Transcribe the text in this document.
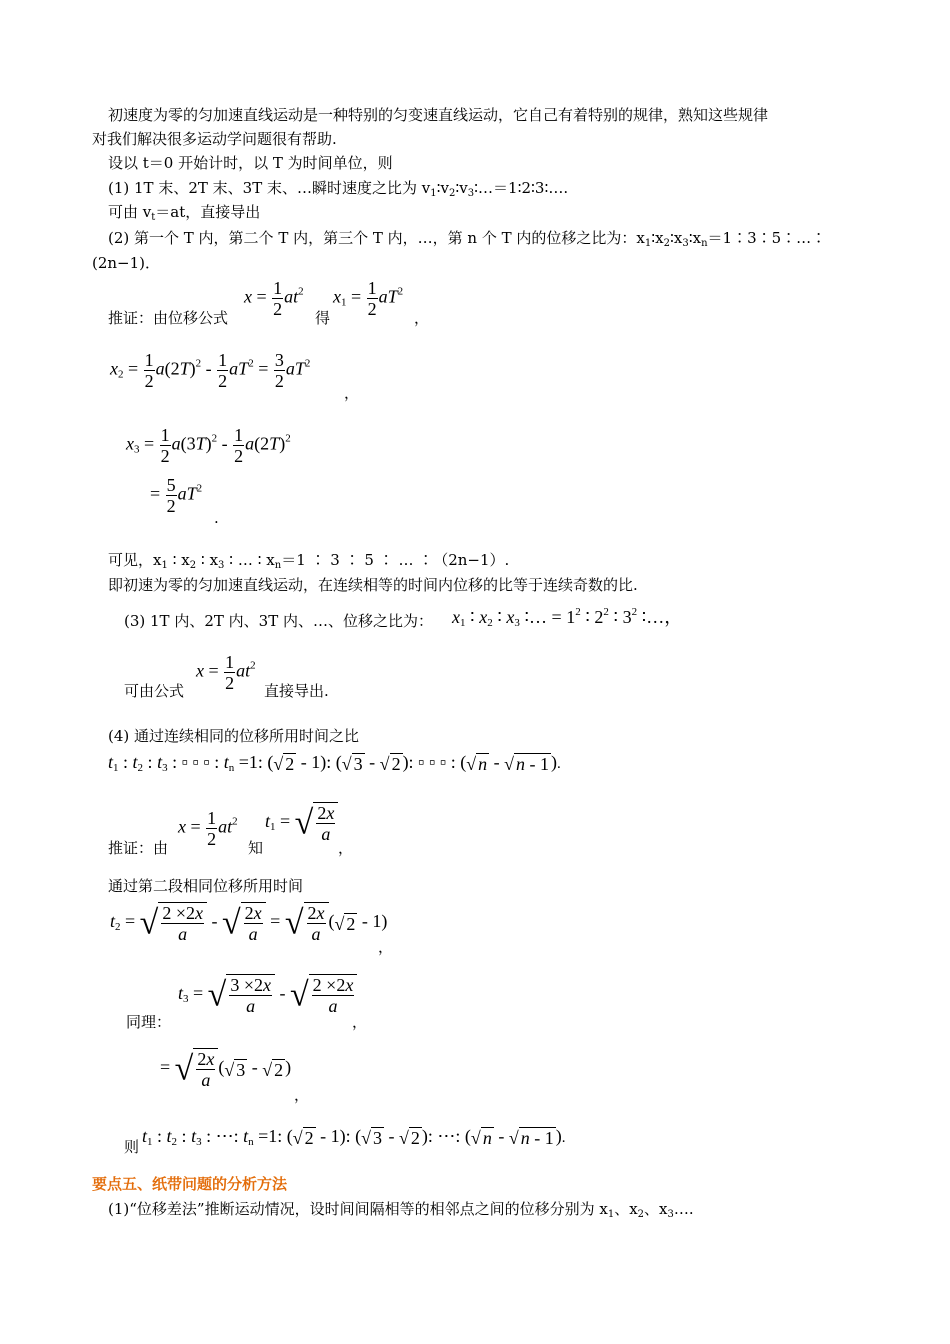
初速度为零的匀加速直线运动是一种特别的匀变速直线运动，它自己有着特别的规律，熟知这些规律
对我们解决很多运动学问题很有帮助.
设以 t＝0 开始计时，以 T 为时间单位，则
(1) 1T 末、2T 末、3T 末、…瞬时速度之比为 $v_1∶v_2∶v_3∶\dots=1∶2∶3∶\dots$.
可由 $v_t=at$，直接导出
(2) 第一个 T 内，第二个 T 内，第三个 T 内，…，第 n 个 T 内的位移之比为：$x_1∶x_2∶x_3∶x_n=1∶3∶5∶\dots∶$
(2n−1)．
推证：由位移公式
$x = \frac{1}{2} at^2$
得
$x1 = \frac{1}{2} aT^2$
，
$x2 = \frac{1}{2} a(2T)^2 - \frac{1}{2} aT^2 = \frac{3}{2} aT^2$
，
$x3 = \frac{1}{2} a(3T)^2 - \frac{1}{2} a(2T)^2$
= $\frac{5}{2} aT^2$
.
可见，$x_1$ ∶ $x_2$ ∶ $x_3$ ∶ … ∶ $x_n=1$ ∶ 3 ∶ 5 ∶ … ∶（2n−1）.
即初速为零的匀加速直线运动，在连续相等的时间内位移的比等于连续奇数的比.
(3) 1T 内、2T 内、3T 内、…、位移之比为： x1 ∶ x2 ∶ x3 ∶… = $1^2$ ∶ $2^2$ ∶ $3^2$ ∶…，
可由公式
$x = \frac{1}{2} at^2$
直接导出.
(4) 通过连续相同的位移所用时间之比
t1 : t2 : t3 : ▫ ▫ ▫ : tn =1: (√ 2 - 1): (√ 3 - √ 2 ): ▫ ▫ ▫ : (√ n - √ n - 1 ).
推证：由
$x = \frac{1}{2} at^2$
知
t1 = √ $\frac{2x}{a}$
，
通过第二段相同位移所用时间
t2 = √ $\frac{2 \times 2x}{a}$ - √ $\frac{2x}{a}$ = √ $\frac{2x}{a}$ (√ 2 - 1)
，
同理：
t3 = √ $\frac{3 \times 2x}{a}$ - √ $\frac{2 \times 2x}{a}$
，
= √ $\frac{2x}{a}$ (√ 3 - √ 2 )
，
则
t1 : t2 : t3 : ⋯: tn =1: (√ 2 - 1): (√ 3 - √ 2 ): ⋯: (√ n - √ n - 1 ).
要点五、纸带问题的分析方法
(1)“位移差法”推断运动情况，设时间间隔相等的相邻点之间的位移分别为 $x_1$、$x_2$、$x_3\dots$.
